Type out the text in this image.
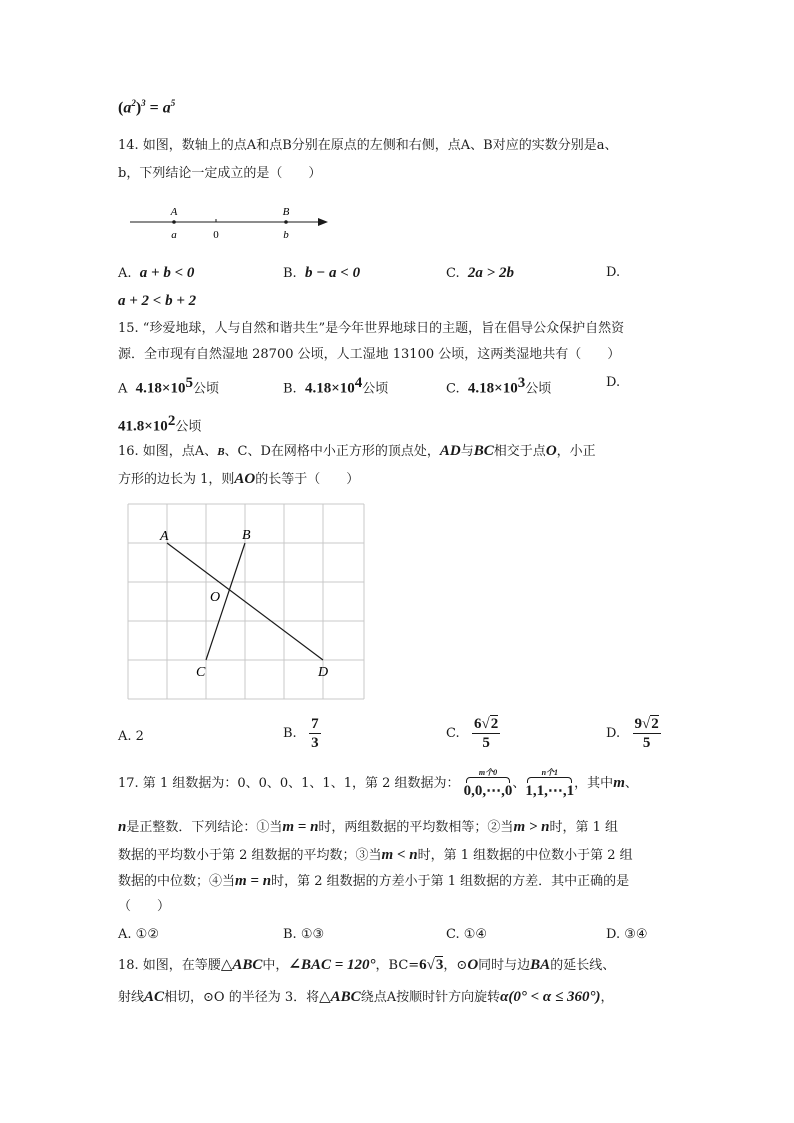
$(a^2)^3 = a^5$
14. 如图，数轴上的点A和点B分别在原点的左侧和右侧，点A、B对应的实数分别是a、
b，下列结论一定成立的是（　　）
A
a	0
B
b
A. a + b < 0	B. b − a < 0	C. 2a > 2b	D.
a + 2 < b + 2
15. “珍爱地球，人与自然和谐共生”是今年世界地球日的主题，旨在倡导公众保护自然资
源．全市现有自然湿地 28700 公顷，人工湿地 13100 公顷，这两类湿地共有（　　）
A $4.18\times 10^5$公顷	B. $4.18\times 10^4$公顷	C. $4.18\times 10^3$公顷	D.
$41.8\times 10^2$公顷
16. 如图，点A、B、C、D在网格中小正方形的顶点处，AD与BC相交于点O，小正
方形的边长为 1，则AO的长等于（　　）
A	B
O
C	D
A. 2	B. $\frac{7}{3}$	C. $\frac{6√2}{5}$	D. $\frac{9√2}{5}$
17. 第 1 组数据为：0、0、0、1、1、1，第 2 组数据为：
m个0
0,0,⋯,0 、
n个1
1,1,⋯,1 ，其中m、
n是正整数．下列结论：①当m = n时，两组数据的平均数相等；②当m > n时，第 1 组
数据的平均数小于第 2 组数据的平均数；③当m < n时，第 1 组数据的中位数小于第 2 组
数据的中位数；④当m = n时，第 2 组数据的方差小于第 1 组数据的方差．其中正确的是
（　　）
A. ①②	B. ①③	C. ①④	D. ③④
18. 如图，在等腰△ABC中，∠BAC = 120°，BC=6√3，⊙O同时与边BA的延长线、
射线AC相切，⊙O 的半径为 3．将△ABC绕点A按顺时针方向旋转α(0° < α ≤ 360°)，
